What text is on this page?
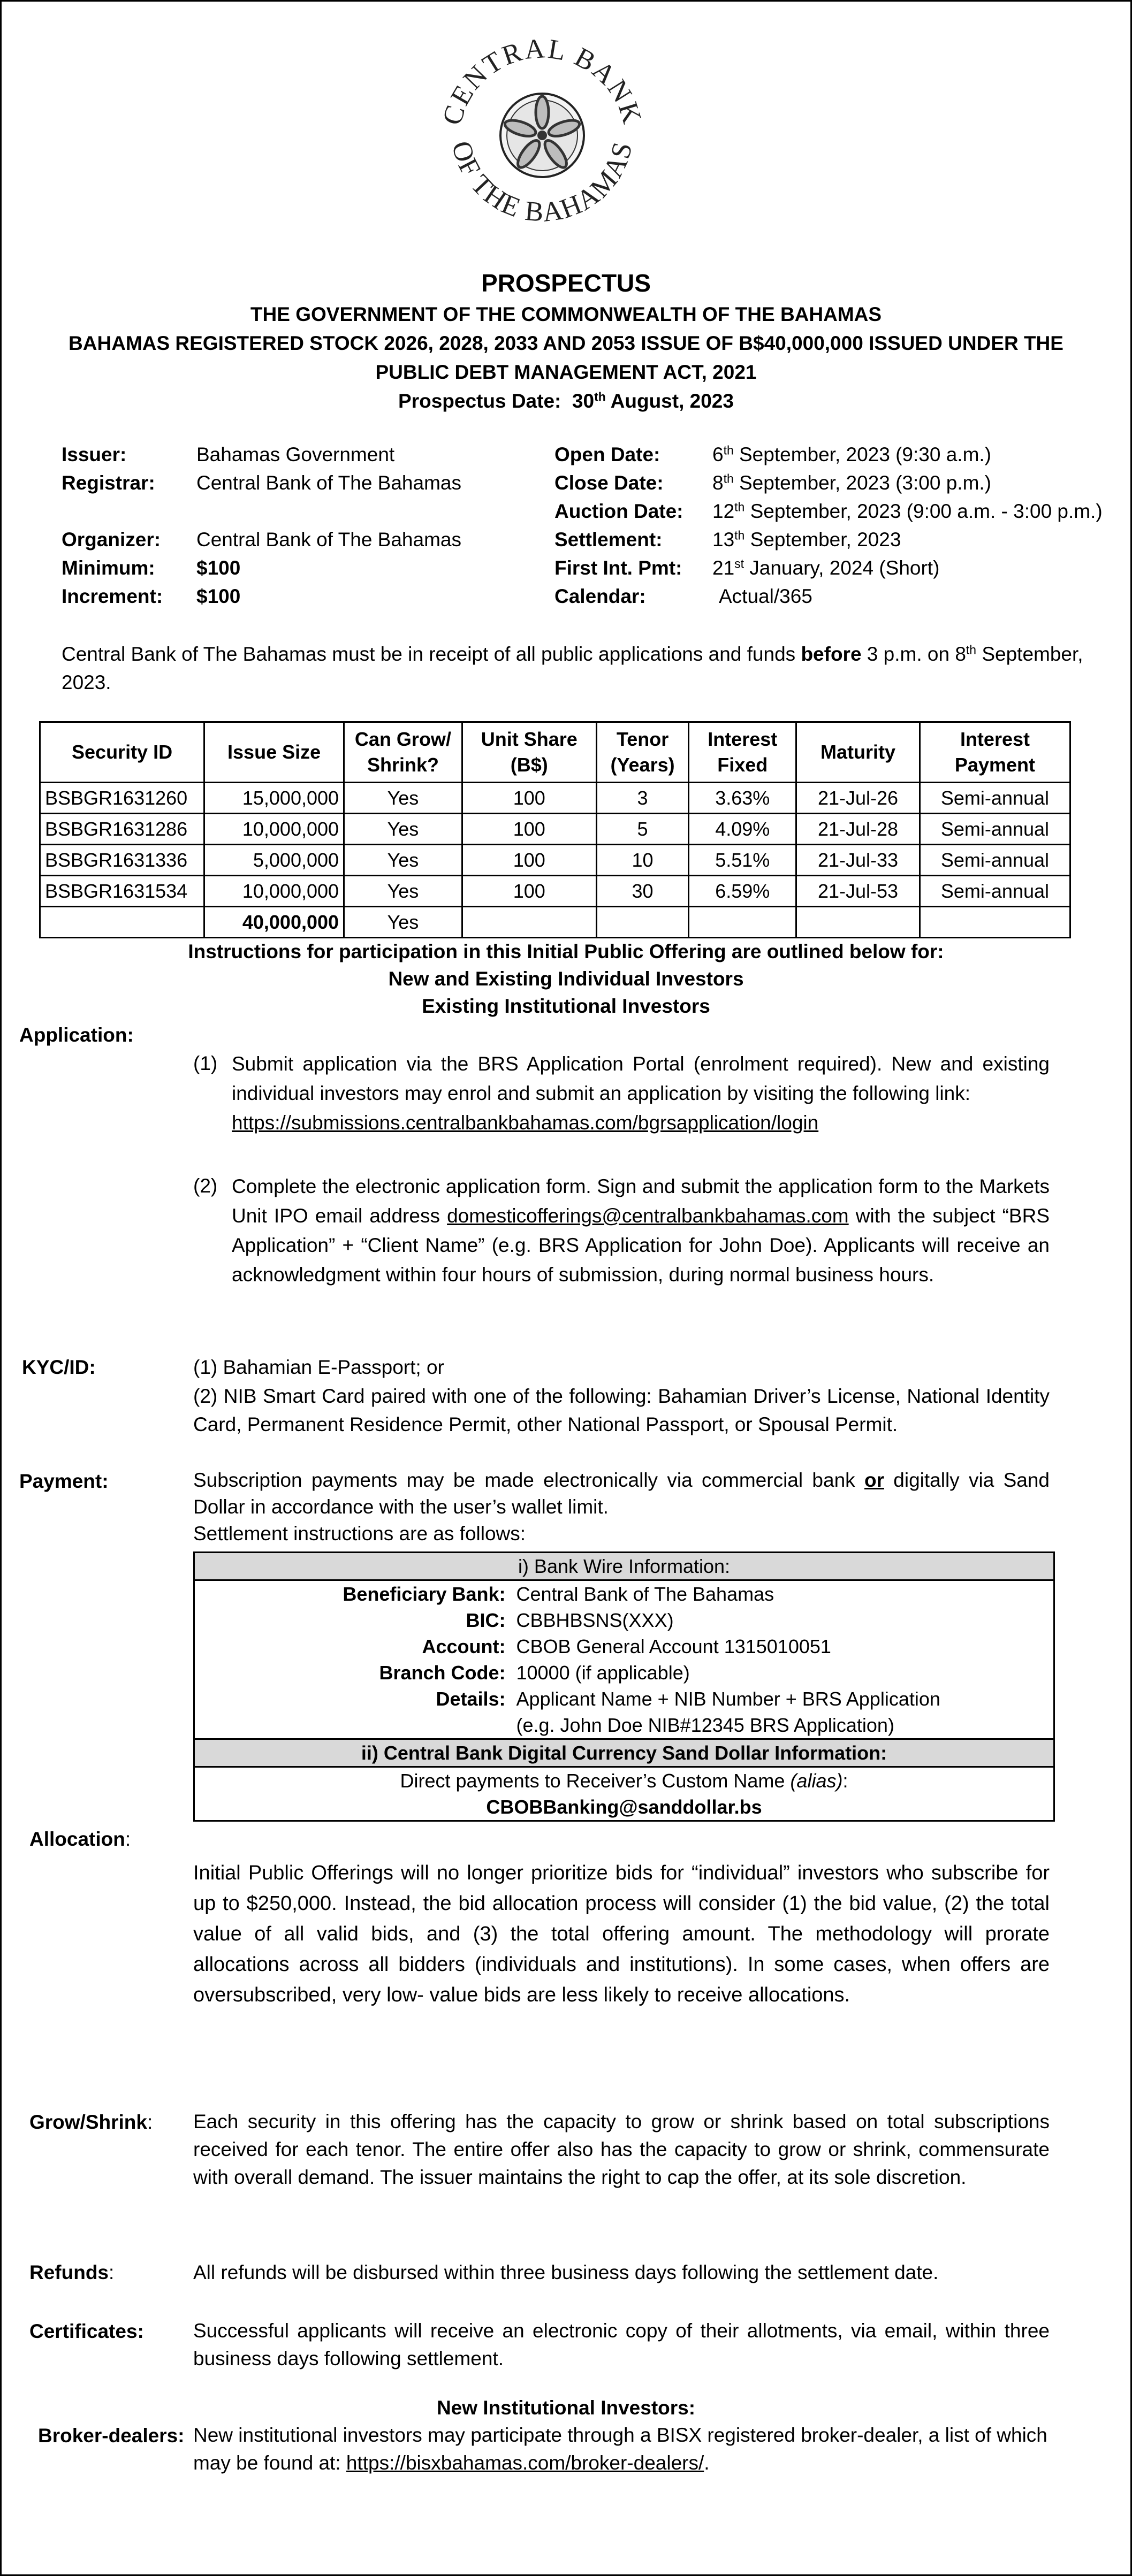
CENTRAL BANK
OF THE BAHAMAS
PROSPECTUS
THE GOVERNMENT OF THE COMMONWEALTH OF THE BAHAMAS
BAHAMAS REGISTERED STOCK 2026, 2028, 2033 AND 2053 ISSUE OF B$40,000,000 ISSUED UNDER THE
PUBLIC DEBT MANAGEMENT ACT, 2021
Prospectus Date: 30th August, 2023
Issuer:	Bahamas Government
Registrar: Central Bank of The Bahamas
Organizer: Central Bank of The Bahamas
Minimum: $100
Increment: $100
Open Date:	6th September, 2023 (9:30 a.m.)
Close Date: 8th September, 2023 (3:00 p.m.)
Auction Date: 12th September, 2023 (9:00 a.m. - 3:00 p.m.)
Settlement:	13th September, 2023
First Int. Pmt: 21st January, 2024 (Short)
Calendar:	Actual/365
Central Bank of The Bahamas must be in receipt of all public applications and funds before 3 p.m. on 8th September, 2023.
Security ID	Issue Size	Can Grow/ Shrink?	Unit Share (B$)	Tenor (Years)	Interest Fixed	Maturity	Interest Payment
BSBGR1631260	15,000,000	Yes	100	3	3.63%	21-Jul-26	Semi-annual
BSBGR1631286	10,000,000	Yes	100	5	4.09%	21-Jul-28	Semi-annual
BSBGR1631336	5,000,000	Yes	100	10	5.51%	21-Jul-33	Semi-annual
BSBGR1631534	10,000,000	Yes	100	30	6.59%	21-Jul-53	Semi-annual
	40,000,000	Yes					
Instructions for participation in this Initial Public Offering are outlined below for:
New and Existing Individual Investors
Existing Institutional Investors
Application:
(1) Submit application via the BRS Application Portal (enrolment required). New and existing individual investors may enrol and submit an application by visiting the following link:
https://submissions.centralbankbahamas.com/bgrsapplication/login
(2) Complete the electronic application form. Sign and submit the application form to the Markets Unit IPO email address domesticofferings@centralbankbahamas.com with the subject “BRS Application” + “Client Name” (e.g. BRS Application for John Doe). Applicants will receive an acknowledgment within four hours of submission, during normal business hours.
KYC/ID:	(1) Bahamian E-Passport; or
(2) NIB Smart Card paired with one of the following: Bahamian Driver’s License, National Identity Card, Permanent Residence Permit, other National Passport, or Spousal Permit.
Payment:	Subscription payments may be made electronically via commercial bank or digitally via Sand Dollar in accordance with the user’s wallet limit.
Settlement instructions are as follows:
i) Bank Wire Information:	
Beneficiary Bank:	Central Bank of The Bahamas
BIC:	CBBHBSNS(XXX)
Account:	CBOB General Account 1315010051
Branch Code:	10000 (if applicable)
Details:	Applicant Name + NIB Number + BRS Application
	(e.g. John Doe NIB#12345 BRS Application)
ii) Central Bank Digital Currency Sand Dollar Information:	
Direct payments to Receiver’s Custom Name (alias):	
CBOBBanking@sanddollar.bs	
Allocation:
Initial Public Offerings will no longer prioritize bids for “individual” investors who subscribe for up to $250,000. Instead, the bid allocation process will consider (1) the bid value, (2) the total value of all valid bids, and (3) the total offering amount. The methodology will prorate allocations across all bidders (individuals and institutions). In some cases, when offers are oversubscribed, very low- value bids are less likely to receive allocations.
Grow/Shrink: Each security in this offering has the capacity to grow or shrink based on total subscriptions received for each tenor. The entire offer also has the capacity to grow or shrink, commensurate with overall demand. The issuer maintains the right to cap the offer, at its sole discretion.
Refunds:	All refunds will be disbursed within three business days following the settlement date.
Certificates: Successful applicants will receive an electronic copy of their allotments, via email, within three business days following settlement.
New Institutional Investors:
Broker-dealers: New institutional investors may participate through a BISX registered broker-dealer, a list of which may be found at: https://bisxbahamas.com/broker-dealers/.
